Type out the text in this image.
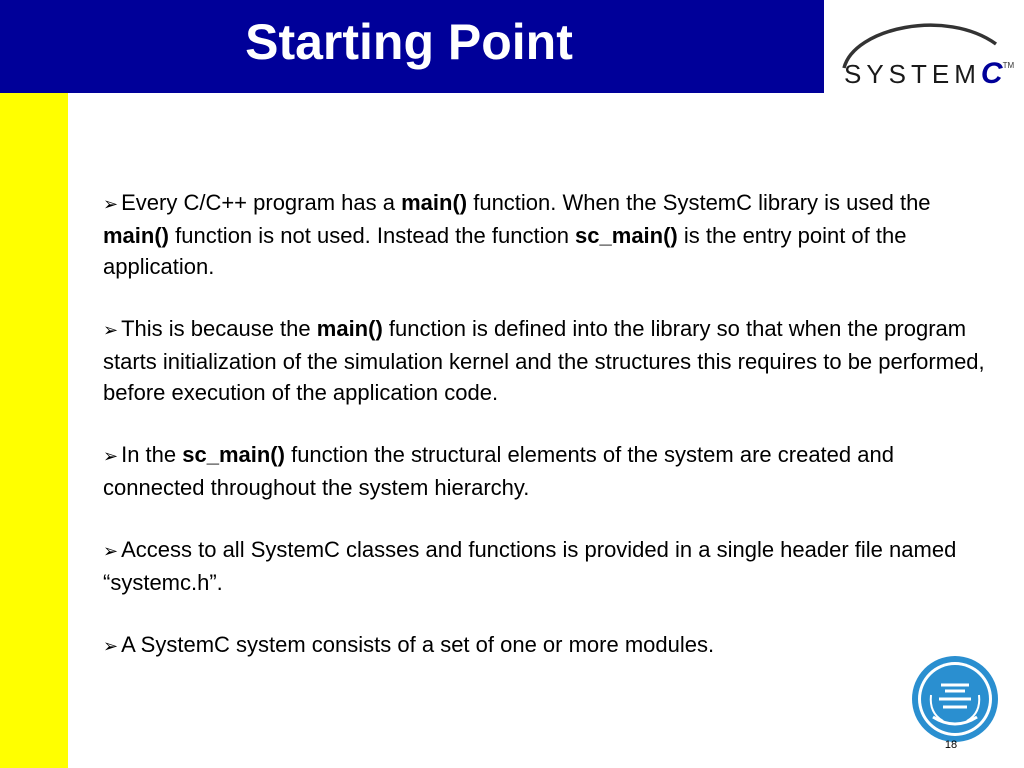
Starting Point
SYSTEMC™
➢ Every C/C++ program has a main() function. When the SystemC library is used the main() function is not used. Instead the function sc_main() is the entry point of the application.
➢ This is because the main() function is defined into the library so that when the program starts initialization of the simulation kernel and the structures this requires to be performed, before execution of the application code.
➢ In the sc_main() function the structural elements of the system are created and connected throughout the system hierarchy.
➢ Access to all SystemC classes and functions is provided in a single header file named “systemc.h”.
➢ A SystemC system consists of a set of one or more modules.
18
